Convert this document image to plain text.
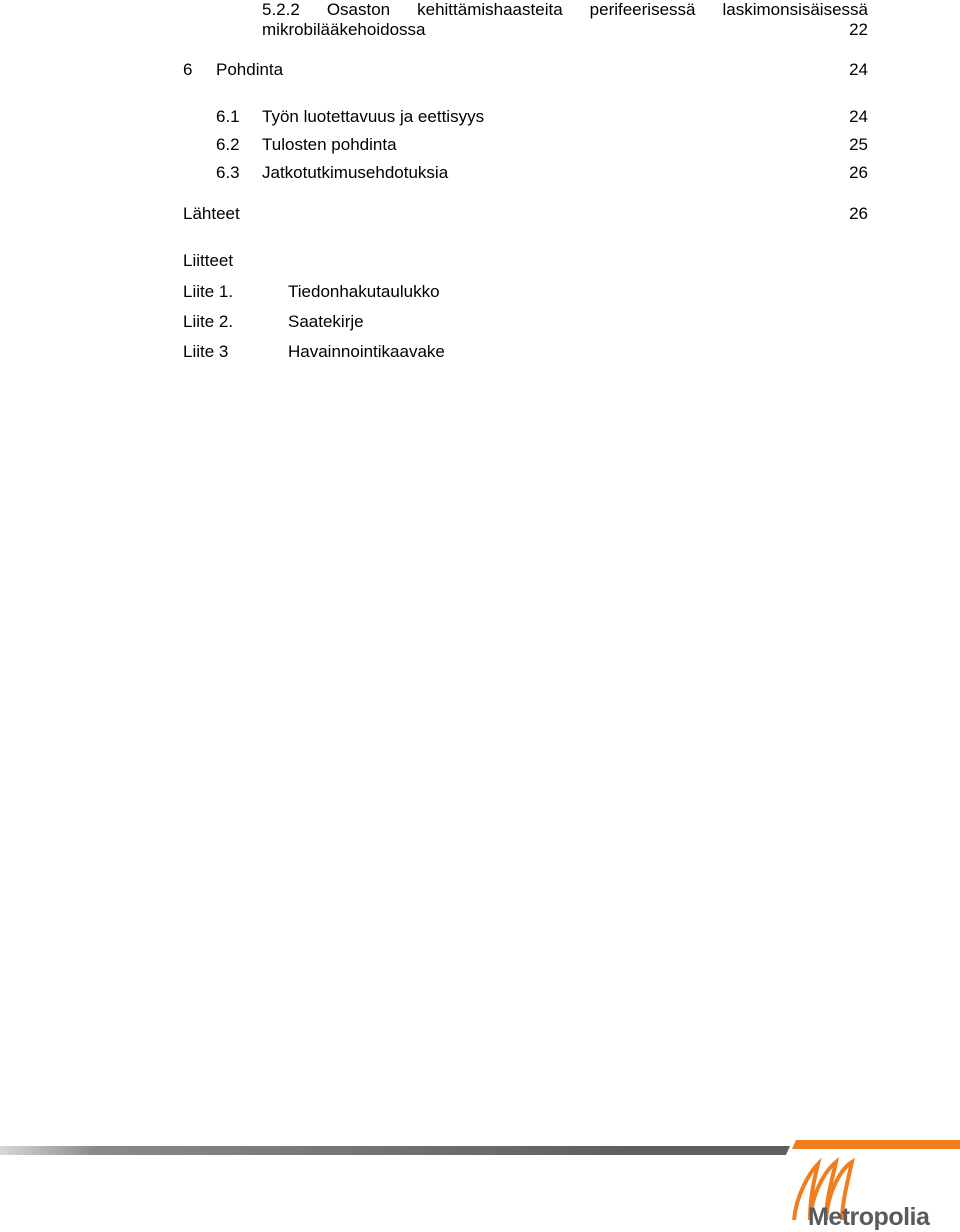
5.2.2 Osaston kehittämishaasteita perifeerisessä laskimonsisäisessä
mikrobilääkehoidossa	22
6 Pohdinta	24
6.1 Työn luotettavuus ja eettisyys	24
6.2 Tulosten pohdinta	25
6.3 Jatkotutkimusehdotuksia	26
Lähteet	26
Liitteet
Liite 1.	Tiedonhakutaulukko
Liite 2.	Saatekirje
Liite 3	Havainnointikaavake
Metropolia
